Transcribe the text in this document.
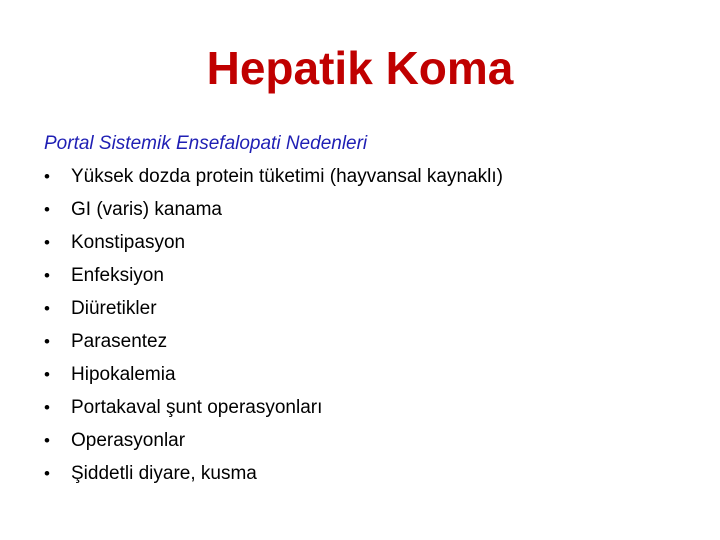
Hepatik Koma
Portal Sistemik Ensefalopati Nedenleri
• Yüksek dozda protein tüketimi (hayvansal kaynaklı)
• GI (varis) kanama
• Konstipasyon
• Enfeksiyon
• Diüretikler
• Parasentez
• Hipokalemia
• Portakaval şunt operasyonları
• Operasyonlar
• Şiddetli diyare, kusma
